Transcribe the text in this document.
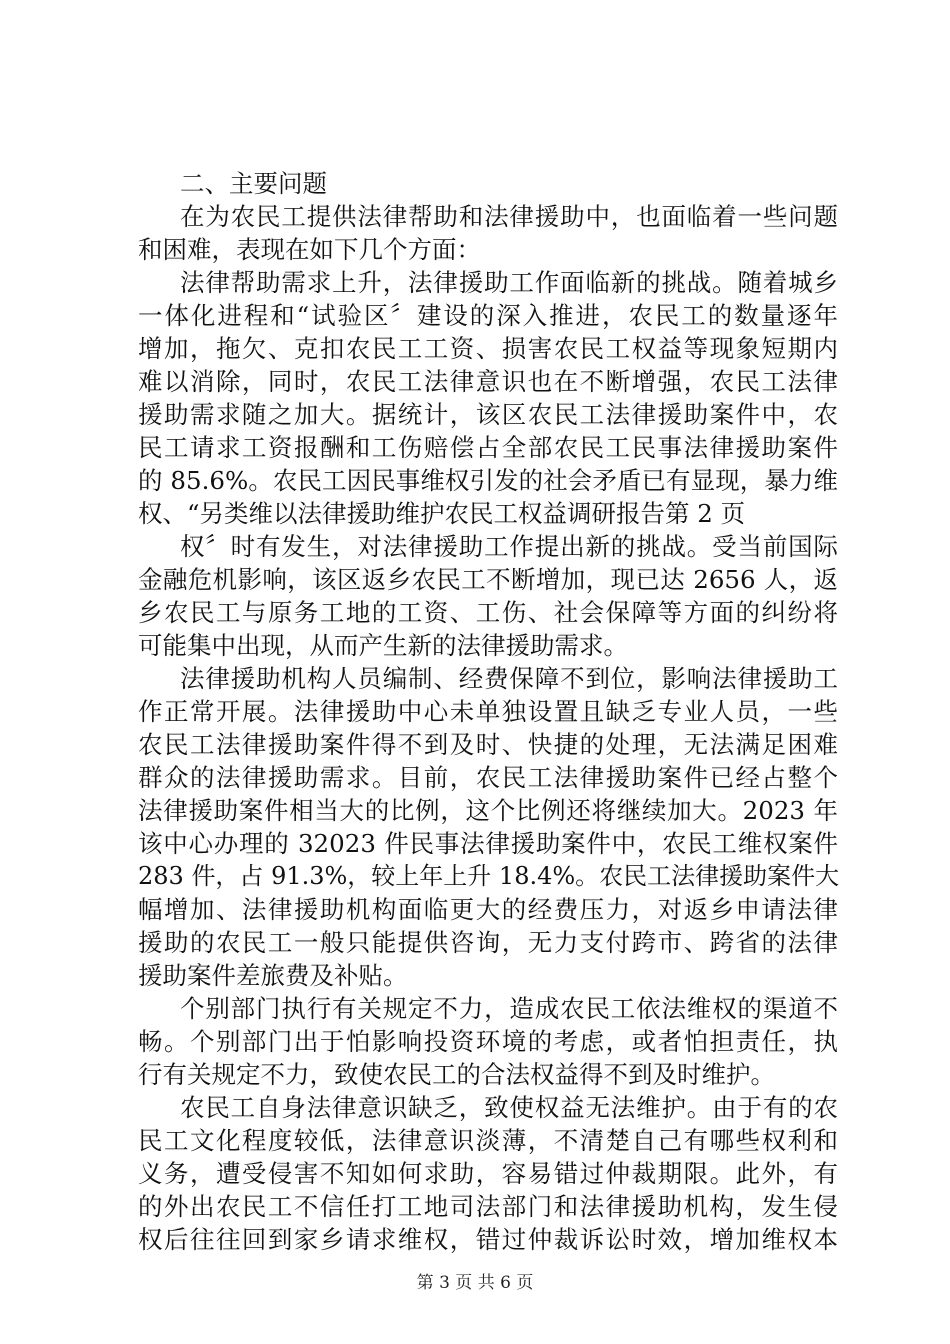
二、主要问题

在为农民工提供法律帮助和法律援助中，也面临着一些问题

和困难，表现在如下几个方面：

法律帮助需求上升，法律援助工作面临新的挑战。随着城乡

一体化进程和“试验区〞建设的深入推进，农民工的数量逐年

增加，拖欠、克扣农民工工资、损害农民工权益等现象短期内

难以消除，同时，农民工法律意识也在不断增强，农民工法律

援助需求随之加大。据统计，该区农民工法律援助案件中，农

民工请求工资报酬和工伤赔偿占全部农民工民事法律援助案件

的 85.6%。农民工因民事维权引发的社会矛盾已有显现，暴力维

权、“另类维以法律援助维护农民工权益调研报告第 2 页

权〞时有发生，对法律援助工作提出新的挑战。受当前国际

金融危机影响，该区返乡农民工不断增加，现已达 2656 人，返

乡农民工与原务工地的工资、工伤、社会保障等方面的纠纷将

可能集中出现，从而产生新的法律援助需求。

法律援助机构人员编制、经费保障不到位，影响法律援助工

作正常开展。法律援助中心未单独设置且缺乏专业人员，一些

农民工法律援助案件得不到及时、快捷的处理，无法满足困难

群众的法律援助需求。目前，农民工法律援助案件已经占整个

法律援助案件相当大的比例，这个比例还将继续加大。2023 年

该中心办理的 32023 件民事法律援助案件中，农民工维权案件

283 件，占 91.3%，较上年上升 18.4%。农民工法律援助案件大

幅增加、法律援助机构面临更大的经费压力，对返乡申请法律

援助的农民工一般只能提供咨询，无力支付跨市、跨省的法律

援助案件差旅费及补贴。

个别部门执行有关规定不力，造成农民工依法维权的渠道不

畅。个别部门出于怕影响投资环境的考虑，或者怕担责任，执

行有关规定不力，致使农民工的合法权益得不到及时维护。

农民工自身法律意识缺乏，致使权益无法维护。由于有的农

民工文化程度较低，法律意识淡薄，不清楚自己有哪些权利和

义务，遭受侵害不知如何求助，容易错过仲裁期限。此外，有

的外出农民工不信任打工地司法部门和法律援助机构，发生侵

权后往往回到家乡请求维权，错过仲裁诉讼时效，增加维权本

第 3 页 共 6 页
